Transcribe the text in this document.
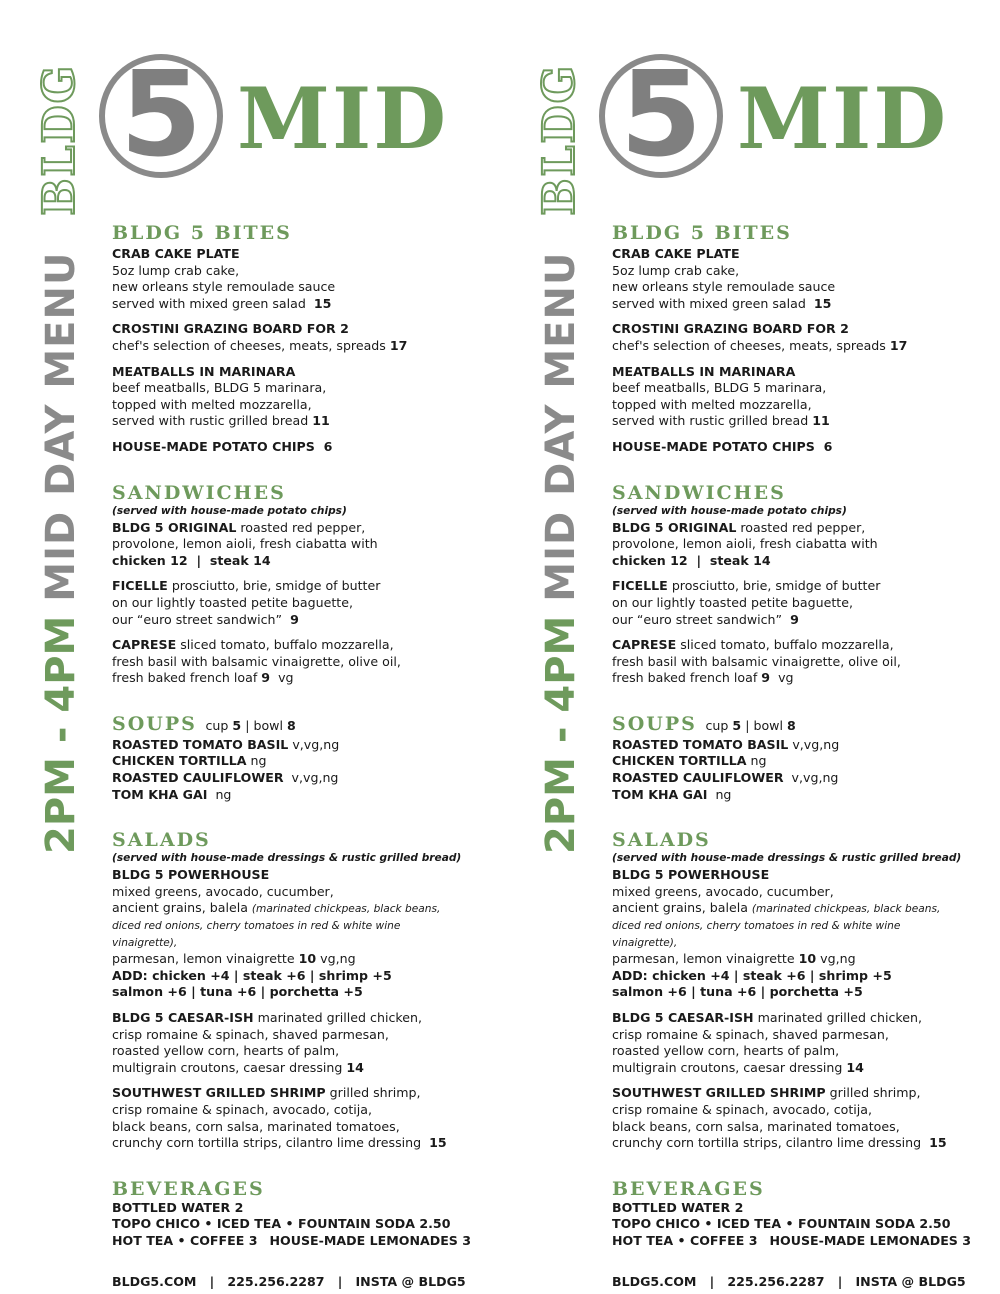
2PM - 4PM MID DAY MENU BLDG 5 MID
BLDG 5 BITES
CRAB CAKE PLATE
5oz lump crab cake,
new orleans style remoulade sauce
served with mixed green salad 15
CROSTINI GRAZING BOARD FOR 2
chef's selection of cheeses, meats, spreads 17
MEATBALLS IN MARINARA
beef meatballs, BLDG 5 marinara,
topped with melted mozzarella,
served with rustic grilled bread 11
HOUSE-MADE POTATO CHIPS 6
SANDWICHES
(served with house-made potato chips)
BLDG 5 ORIGINAL roasted red pepper,
provolone, lemon aioli, fresh ciabatta with
chicken 12 | steak 14
FICELLE prosciutto, brie, smidge of butter
on our lightly toasted petite baguette,
our “euro street sandwich” 9
CAPRESE sliced tomato, buffalo mozzarella,
fresh basil with balsamic vinaigrette, olive oil,
fresh baked french loaf 9 vg
SOUPS cup 5 | bowl 8
ROASTED TOMATO BASIL v,vg,ng
CHICKEN TORTILLA ng
ROASTED CAULIFLOWER v,vg,ng
TOM KHA GAI ng
SALADS
(served with house-made dressings & rustic grilled bread)
BLDG 5 POWERHOUSE
mixed greens, avocado, cucumber,
ancient grains, balela (marinated chickpeas, black beans,
diced red onions, cherry tomatoes in red & white wine
vinaigrette),
parmesan, lemon vinaigrette 10 vg,ng
ADD: chicken +4 | steak +6 | shrimp +5
salmon +6 | tuna +6 | porchetta +5
BLDG 5 CAESAR-ISH marinated grilled chicken,
crisp romaine & spinach, shaved parmesan,
roasted yellow corn, hearts of palm,
multigrain croutons, caesar dressing 14
SOUTHWEST GRILLED SHRIMP grilled shrimp,
crisp romaine & spinach, avocado, cotija,
black beans, corn salsa, marinated tomatoes,
crunchy corn tortilla strips, cilantro lime dressing 15
BEVERAGES
BOTTLED WATER 2
TOPO CHICO • ICED TEA • FOUNTAIN SODA 2.50
HOT TEA • COFFEE 3 HOUSE-MADE LEMONADES 3
BLDG5.COM | 225.256.2287 | INSTA @ BLDG5
2PM - 4PM MID DAY MENU BLDG 5 MID
BLDG 5 BITES
CRAB CAKE PLATE
5oz lump crab cake,
new orleans style remoulade sauce
served with mixed green salad 15
CROSTINI GRAZING BOARD FOR 2
chef's selection of cheeses, meats, spreads 17
MEATBALLS IN MARINARA
beef meatballs, BLDG 5 marinara,
topped with melted mozzarella,
served with rustic grilled bread 11
HOUSE-MADE POTATO CHIPS 6
SANDWICHES
(served with house-made potato chips)
BLDG 5 ORIGINAL roasted red pepper,
provolone, lemon aioli, fresh ciabatta with
chicken 12 | steak 14
FICELLE prosciutto, brie, smidge of butter
on our lightly toasted petite baguette,
our “euro street sandwich” 9
CAPRESE sliced tomato, buffalo mozzarella,
fresh basil with balsamic vinaigrette, olive oil,
fresh baked french loaf 9 vg
SOUPS cup 5 | bowl 8
ROASTED TOMATO BASIL v,vg,ng
CHICKEN TORTILLA ng
ROASTED CAULIFLOWER v,vg,ng
TOM KHA GAI ng
SALADS
(served with house-made dressings & rustic grilled bread)
BLDG 5 POWERHOUSE
mixed greens, avocado, cucumber,
ancient grains, balela (marinated chickpeas, black beans,
diced red onions, cherry tomatoes in red & white wine
vinaigrette),
parmesan, lemon vinaigrette 10 vg,ng
ADD: chicken +4 | steak +6 | shrimp +5
salmon +6 | tuna +6 | porchetta +5
BLDG 5 CAESAR-ISH marinated grilled chicken,
crisp romaine & spinach, shaved parmesan,
roasted yellow corn, hearts of palm,
multigrain croutons, caesar dressing 14
SOUTHWEST GRILLED SHRIMP grilled shrimp,
crisp romaine & spinach, avocado, cotija,
black beans, corn salsa, marinated tomatoes,
crunchy corn tortilla strips, cilantro lime dressing 15
BEVERAGES
BOTTLED WATER 2
TOPO CHICO • ICED TEA • FOUNTAIN SODA 2.50
HOT TEA • COFFEE 3 HOUSE-MADE LEMONADES 3
BLDG5.COM | 225.256.2287 | INSTA @ BLDG5
